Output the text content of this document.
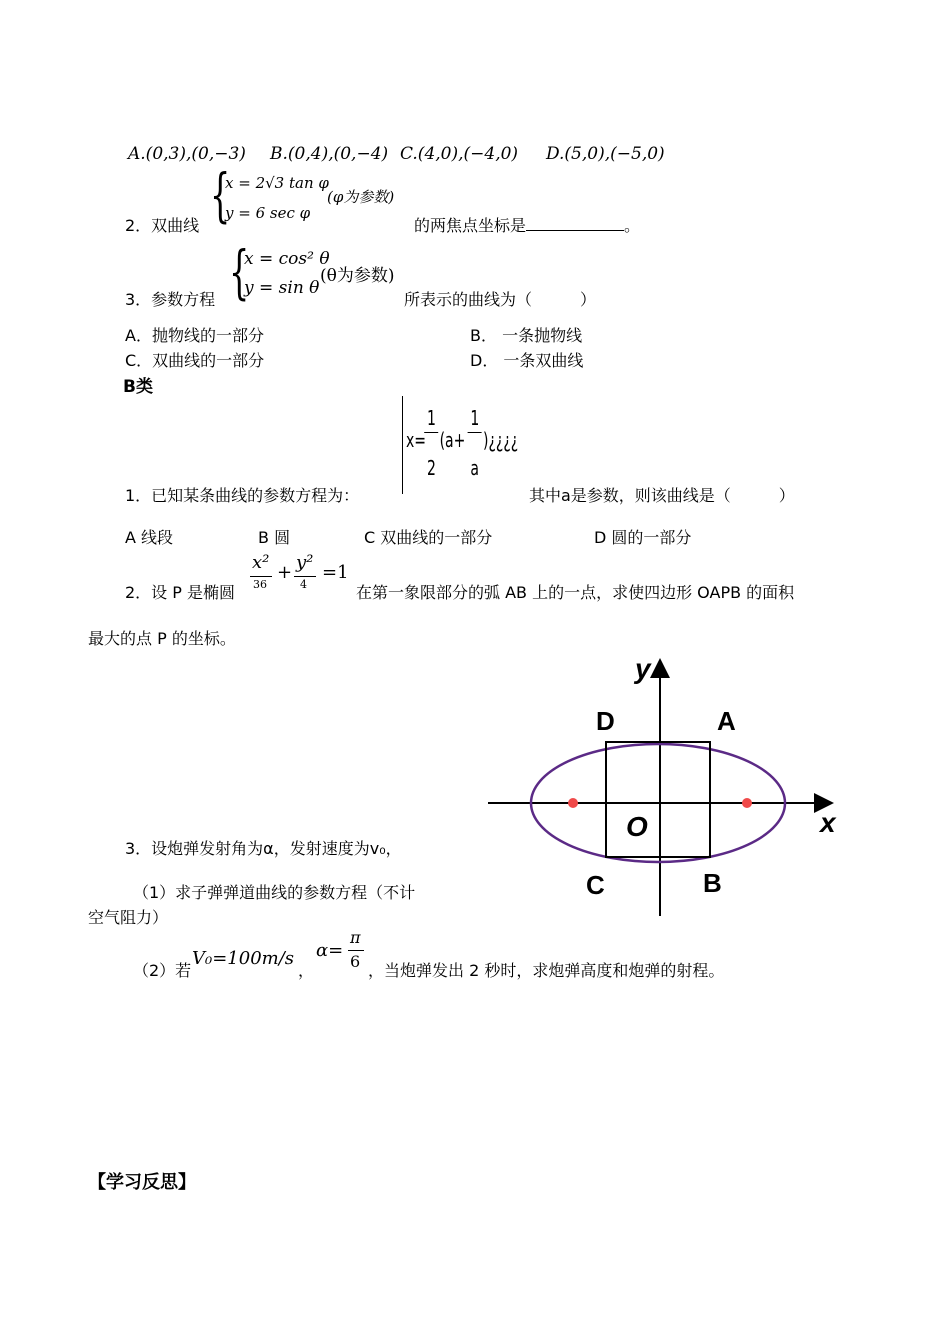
A.(0,3),(0,−3) B.(0,4),(0,−4) C.(4,0),(−4,0) D.(5,0),(−5,0)
2．双曲线 {
x = 2√3 tan φ
y = 6 sec φ
(φ为参数)
的两焦点坐标是	。
3．参数方程 {
x = cos² θ
y = sin θ
(θ为参数)
所表示的曲线为（　　　）
A．抛物线的一部分	B． 一条抛物线
C．双曲线的一部分	D． 一条双曲线
B类
x=
1
2
(a+
1
a
)¿¿¿¿
1．已知某条曲线的参数方程为：	其中a是参数，则该曲线是（　　　）
A 线段	B 圆	C 双曲线的一部分	D 圆的一部分
2．设 P 是椭圆
x²
36
+ y²
4
=1
在第一象限部分的弧 AB 上的一点，求使四边形 OAPB 的面积
最大的点 P 的坐标。
y
x
O
A
D
C	B
3．设炮弹发射角为α，发射速度为v₀，
（1）求子弹弹道曲线的参数方程（不计
空气阻力）
（2）若
V₀=100m/s
，
α=
π
6 ，当炮弹发出 2 秒时，求炮弹高度和炮弹的射程。
【学习反思】
